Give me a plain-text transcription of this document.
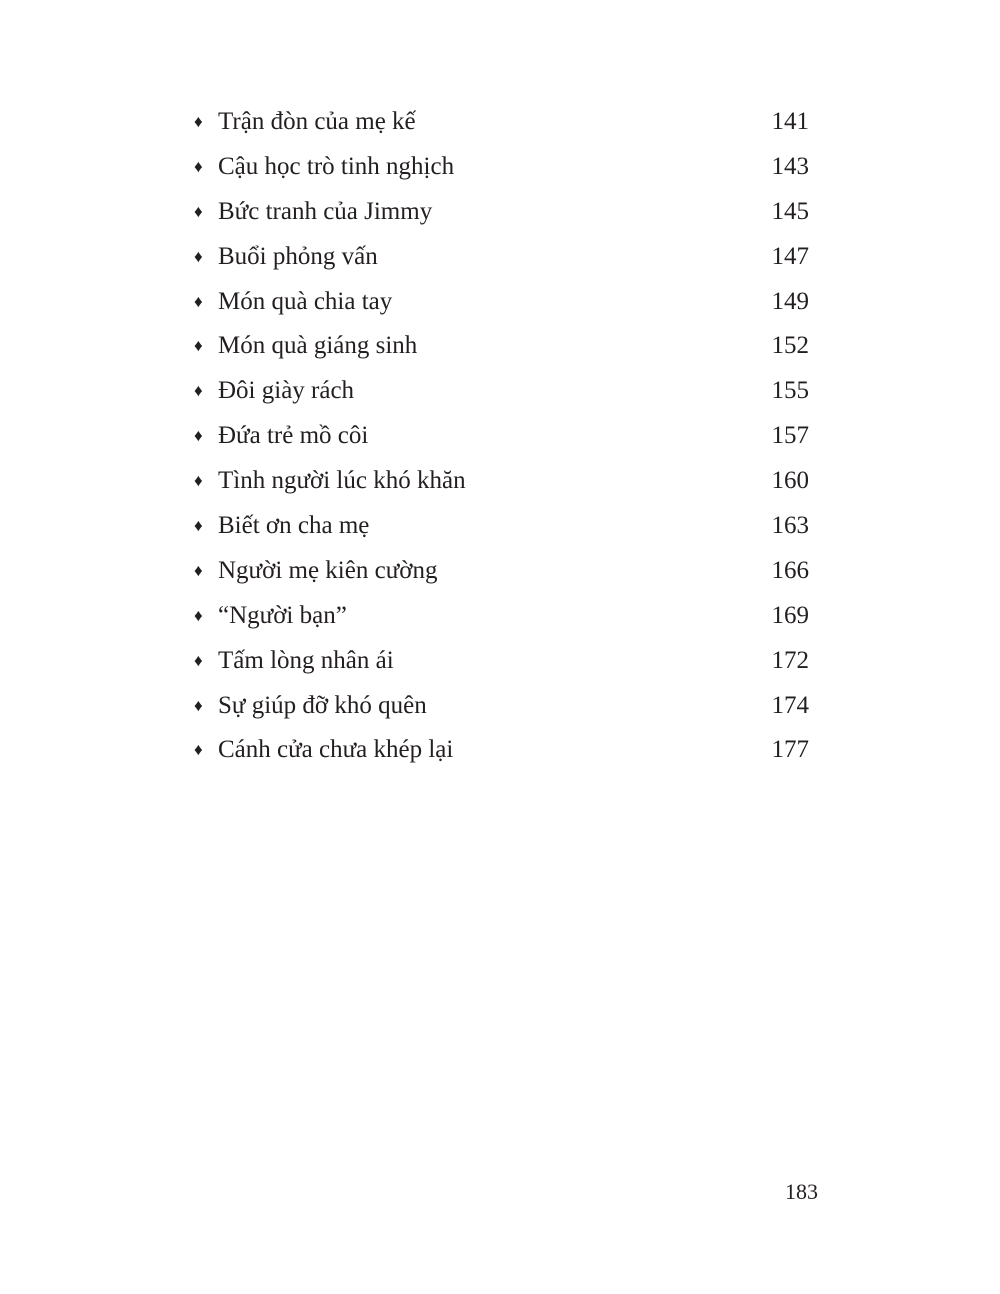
♦ Trận đòn của mẹ kế	141
♦ Cậu học trò tinh nghịch	143
♦ Bức tranh của Jimmy	145
♦ Buổi phỏng vấn	147
♦ Món quà chia tay	149
♦ Món quà giáng sinh	152
♦ Đôi giày rách	155
♦ Đứa trẻ mồ côi	157
♦ Tình người lúc khó khăn	160
♦ Biết ơn cha mẹ	163
♦ Người mẹ kiên cường	166
♦ “Người bạn”	169
♦ Tấm lòng nhân ái	172
♦ Sự giúp đỡ khó quên	174
♦ Cánh cửa chưa khép lại	177
183
